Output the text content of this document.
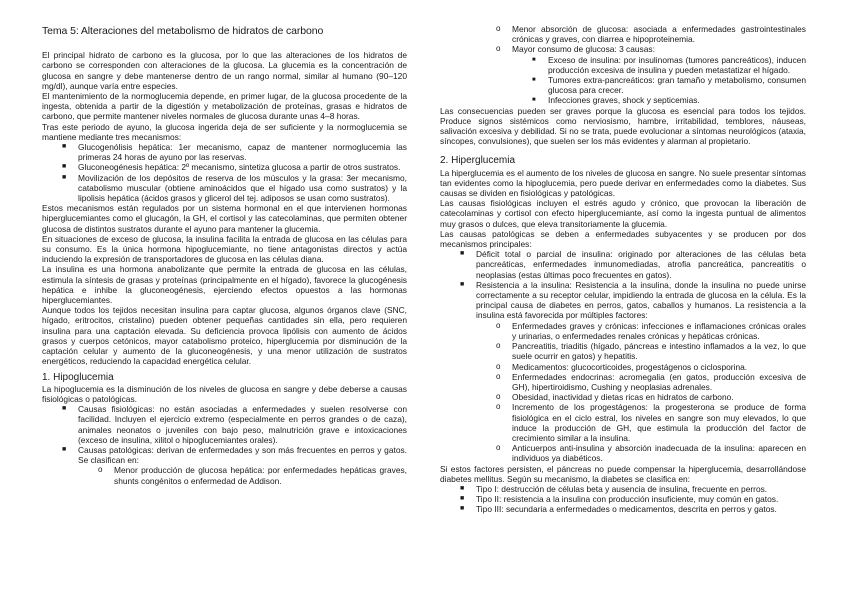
Tema 5: Alteraciones del metabolismo de hidratos de carbono

El principal hidrato de carbono es la glucosa, por lo que las alteraciones de los hidratos de carbono se corresponden con alteraciones de la glucosa. La glucemia es la concentración de glucosa en sangre y debe mantenerse dentro de un rango normal, similar al humano (90–120 mg/dl), aunque varía entre especies.

El mantenimiento de la normoglucemia depende, en primer lugar, de la glucosa procedente de la ingesta, obtenida a partir de la digestión y metabolización de proteínas, grasas e hidratos de carbono, que permite mantener niveles normales de glucosa durante unas 4–8 horas.

Tras este periodo de ayuno, la glucosa ingerida deja de ser suficiente y la normoglucemia se mantiene mediante tres mecanismos:

■ Glucogenólisis hepática: 1er mecanismo, capaz de mantener normoglucemia las primeras 24 horas de ayuno por las reservas.
■ Gluconeogénesis hepática: 2º mecanismo, sintetiza glucosa a partir de otros sustratos.
■ Movilización de los depósitos de reserva de los músculos y la grasa: 3er mecanismo, catabolismo muscular (obtiene aminoácidos que el hígado usa como sustratos) y la lipolisis hepática (ácidos grasos y glicerol del tej. adiposos se usan como sustratos).

Estos mecanismos están regulados por un sistema hormonal en el que intervienen hormonas hiperglucemiantes como el glucagón, la GH, el cortisol y las catecolaminas, que permiten obtener glucosa de distintos sustratos durante el ayuno para mantener la glucemia.

En situaciones de exceso de glucosa, la insulina facilita la entrada de glucosa en las células para su consumo. Es la única hormona hipoglucemiante, no tiene antagonistas directos y actúa induciendo la expresión de transportadores de glucosa en las células diana.

La insulina es una hormona anabolizante que permite la entrada de glucosa en las células, estimula la síntesis de grasas y proteínas (principalmente en el hígado), favorece la glucogénesis hepática e inhibe la gluconeogénesis, ejerciendo efectos opuestos a las hormonas hiperglucemiantes.

Aunque todos los tejidos necesitan insulina para captar glucosa, algunos órganos clave (SNC, hígado, eritrocitos, cristalino) pueden obtener pequeñas cantidades sin ella, pero requieren insulina para una captación elevada. Su deficiencia provoca lipólisis con aumento de ácidos grasos y cuerpos cetónicos, mayor catabolismo proteico, hiperglucemia por disminución de la captación celular y aumento de la gluconeogénesis, y una menor utilización de sustratos energéticos, reduciendo la capacidad energética celular.

1. Hipoglucemia

La hipoglucemia es la disminución de los niveles de glucosa en sangre y debe deberse a causas fisiológicas o patológicas.

■ Causas fisiológicas: no están asociadas a enfermedades y suelen resolverse con facilidad. Incluyen el ejercicio extremo (especialmente en perros grandes o de caza), animales neonatos o juveniles con bajo peso, malnutrición grave e intoxicaciones (exceso de insulina, xilitol o hipoglucemiantes orales).
■ Causas patológicas: derivan de enfermedades y son más frecuentes en perros y gatos. Se clasifican en:
o Menor producción de glucosa hepática: por enfermedades hepáticas graves, shunts congénitos o enfermedad de Addison.
o Menor absorción de glucosa: asociada a enfermedades gastrointestinales crónicas y graves, con diarrea e hipoproteinemia.
o Mayor consumo de glucosa: 3 causas:
■ Exceso de insulina: por insulinomas (tumores pancreáticos), inducen producción excesiva de insulina y pueden metastatizar el hígado.
■ Tumores extra-pancreáticos: gran tamaño y metabolismo, consumen glucosa para crecer.
■ Infecciones graves, shock y septicemias.

Las consecuencias pueden ser graves porque la glucosa es esencial para todos los tejidos. Produce signos sistémicos como nerviosismo, hambre, irritabilidad, temblores, náuseas, salivación excesiva y debilidad. Si no se trata, puede evolucionar a síntomas neurológicos (ataxia, síncopes, convulsiones), que suelen ser los más evidentes y alarman al propietario.

2. Hiperglucemia

La hiperglucemia es el aumento de los niveles de glucosa en sangre. No suele presentar síntomas tan evidentes como la hipoglucemia, pero puede derivar en enfermedades como la diabetes. Sus causas se dividen en fisiológicas y patológicas.

Las causas fisiológicas incluyen el estrés agudo y crónico, que provocan la liberación de catecolaminas y cortisol con efecto hiperglucemiante, así como la ingesta puntual de alimentos muy grasos o dulces, que eleva transitoriamente la glucemia.

Las causas patológicas se deben a enfermedades subyacentes y se producen por dos mecanismos principales:

■ Déficit total o parcial de insulina: originado por alteraciones de las células beta pancreáticas, enfermedades inmunomediadas, atrofia pancreática, pancreatitis o neoplasias (estas últimas poco frecuentes en gatos).
■ Resistencia a la insulina: Resistencia a la insulina, donde la insulina no puede unirse correctamente a su receptor celular, impidiendo la entrada de glucosa en la célula. Es la principal causa de diabetes en perros, gatos, caballos y humanos. La resistencia a la insulina está favorecida por múltiples factores:
o Enfermedades graves y crónicas: infecciones e inflamaciones crónicas orales y urinarias, o enfermedades renales crónicas y hepáticas crónicas.
o Pancreatitis, triaditis (hígado, páncreas e intestino inflamados a la vez, lo que suele ocurrir en gatos) y hepatitis.
o Medicamentos: glucocorticoides, progestágenos o ciclosporina.
o Enfermedades endocrinas: acromegalia (en gatos, producción excesiva de GH), hipertiroidismo, Cushing y neoplasias adrenales.
o Obesidad, inactividad y dietas ricas en hidratos de carbono.
o Incremento de los progestágenos: la progesterona se produce de forma fisiológica en el ciclo estral, los niveles en sangre son muy elevados, lo que induce la producción de GH, que estimula la producción del factor de crecimiento similar a la insulina.
o Anticuerpos anti-insulina y absorción inadecuada de la insulina: aparecen en individuos ya diabéticos.

Si estos factores persisten, el páncreas no puede compensar la hiperglucemia, desarrollándose diabetes mellitus. Según su mecanismo, la diabetes se clasifica en:

■ Tipo I: destrucción de células beta y ausencia de insulina, frecuente en perros.
■ Tipo II: resistencia a la insulina con producción insuficiente, muy común en gatos.
■ Tipo III: secundaria a enfermedades o medicamentos, descrita en perros y gatos.
